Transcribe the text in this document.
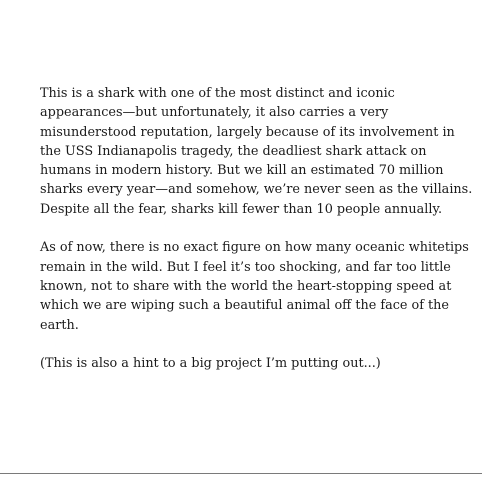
This is a shark with one of the most distinct and iconic
appearances—but unfortunately, it also carries a very
misunderstood reputation, largely because of its involvement in
the USS Indianapolis tragedy, the deadliest shark attack on
humans in modern history. But we kill an estimated 70 million
sharks every year—and somehow, we’re never seen as the villains.
Despite all the fear, sharks kill fewer than 10 people annually.

As of now, there is no exact figure on how many oceanic whitetips
remain in the wild. But I feel it’s too shocking, and far too little
known, not to share with the world the heart-stopping speed at
which we are wiping such a beautiful animal off the face of the
earth.

(This is also a hint to a big project I’m putting out...)
